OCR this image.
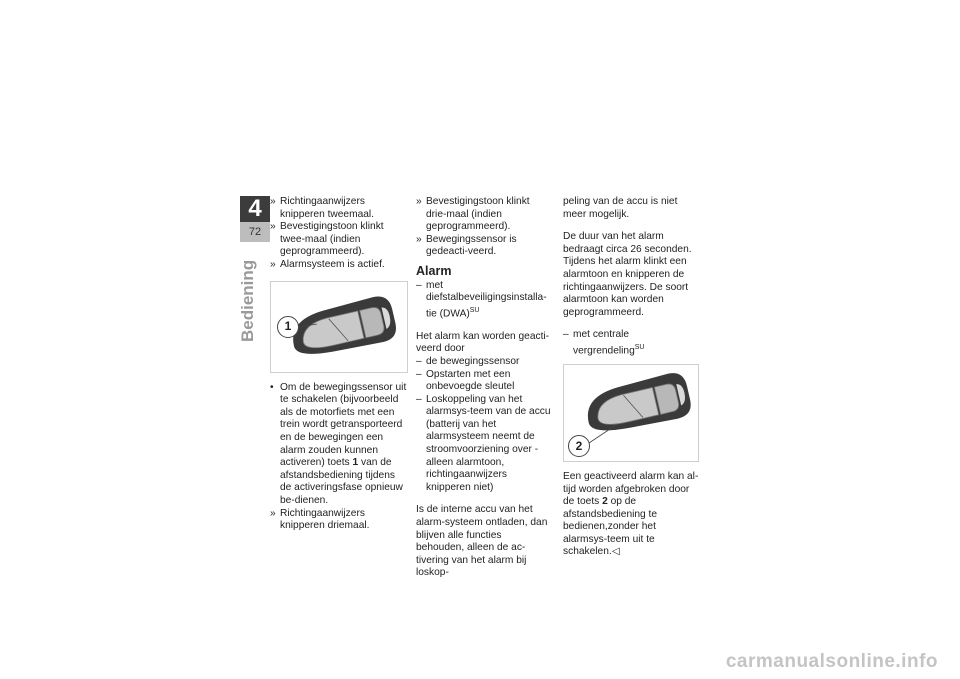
4
72
Bediening
» Richtingaanwijzers knipperen tweemaal.
» Bevestigingstoon klinkt twee-maal (indien geprogrammeerd).
» Alarmsysteem is actief.
1
• Om de bewegingssensor uit te schakelen (bijvoorbeeld als de motorfiets met een trein wordt getransporteerd en de bewegingen een alarm zouden kunnen activeren) toets 1 van de afstandsbediening tijdens de activeringsfase opnieuw be-dienen.
» Richtingaanwijzers knipperen driemaal.
» Bevestigingstoon klinkt drie-maal (indien geprogrammeerd).
» Bewegingssensor is gedeacti-veerd.
Alarm
– met diefstalbeveiligingsinstalla-tie (DWA)$^{SU}$

Het alarm kan worden geacti-veerd door

– de bewegingssensor
– Opstarten met een onbevoegde sleutel
– Loskoppeling van het alarmsys-teem van de accu (batterij van het alarmsysteem neemt de stroomvoorziening over - alleen alarmtoon, richtingaanwijzers knipperen niet)

Is de interne accu van het alarm-systeem ontladen, dan blijven alle functies behouden, alleen de ac-tivering van het alarm bij loskop-

peling van de accu is niet meer mogelijk.

De duur van het alarm bedraagt circa 26 seconden. Tijdens het alarm klinkt een alarmtoon en knipperen de richtingaanwijzers. De soort alarmtoon kan worden geprogrammeerd.

– met centrale vergrendeling$^{SU}$
2

Een geactiveerd alarm kan al-tijd worden afgebroken door de toets 2 op de afstandsbediening te bedienen,zonder het alarmsys-teem uit te schakelen.◁

carmanualsonline.info
